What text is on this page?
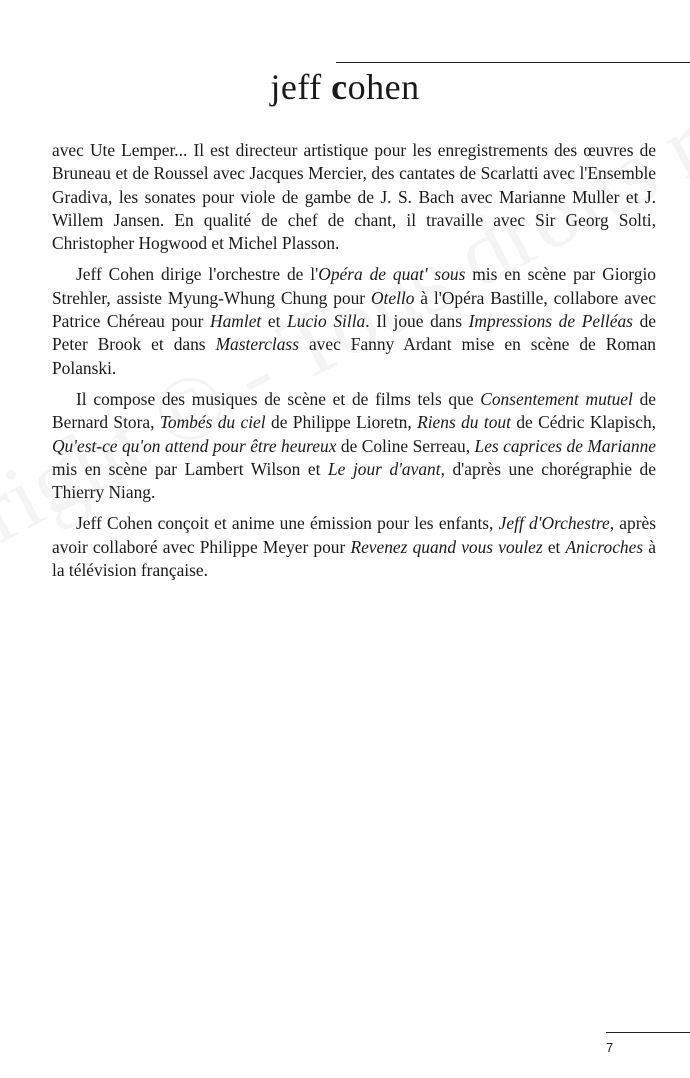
jeff cohen

avec Ute Lemper... Il est directeur artistique pour les enregistrements des œuvres de Bruneau et de Roussel avec Jacques Mercier, des cantates de Scarlatti avec l'Ensemble Gradiva, les sonates pour viole de gambe de J. S. Bach avec Marianne Muller et J. Willem Jansen. En qualité de chef de chant, il travaille avec Sir Georg Solti, Christopher Hogwood et Michel Plasson.

Jeff Cohen dirige l'orchestre de l'Opéra de quat' sous mis en scène par Giorgio Strehler, assiste Myung-Whung Chung pour Otello à l'Opéra Bastille, collabore avec Patrice Chéreau pour Hamlet et Lucio Silla. Il joue dans Impressions de Pelléas de Peter Brook et dans Masterclass avec Fanny Ardant mise en scène de Roman Polanski.

Il compose des musiques de scène et de films tels que Consentement mutuel de Bernard Stora, Tombés du ciel de Philippe Lioretn, Riens du tout de Cédric Klapisch, Qu'est-ce qu'on attend pour être heureux de Coline Serreau, Les caprices de Marianne mis en scène par Lambert Wilson et Le jour d'avant, d'après une chorégraphie de Thierry Niang.

Jeff Cohen conçoit et anime une émission pour les enfants, Jeff d'Orchestre, après avoir collaboré avec Philippe Meyer pour Revenez quand vous voulez et Anicroches à la télévision française.

7
